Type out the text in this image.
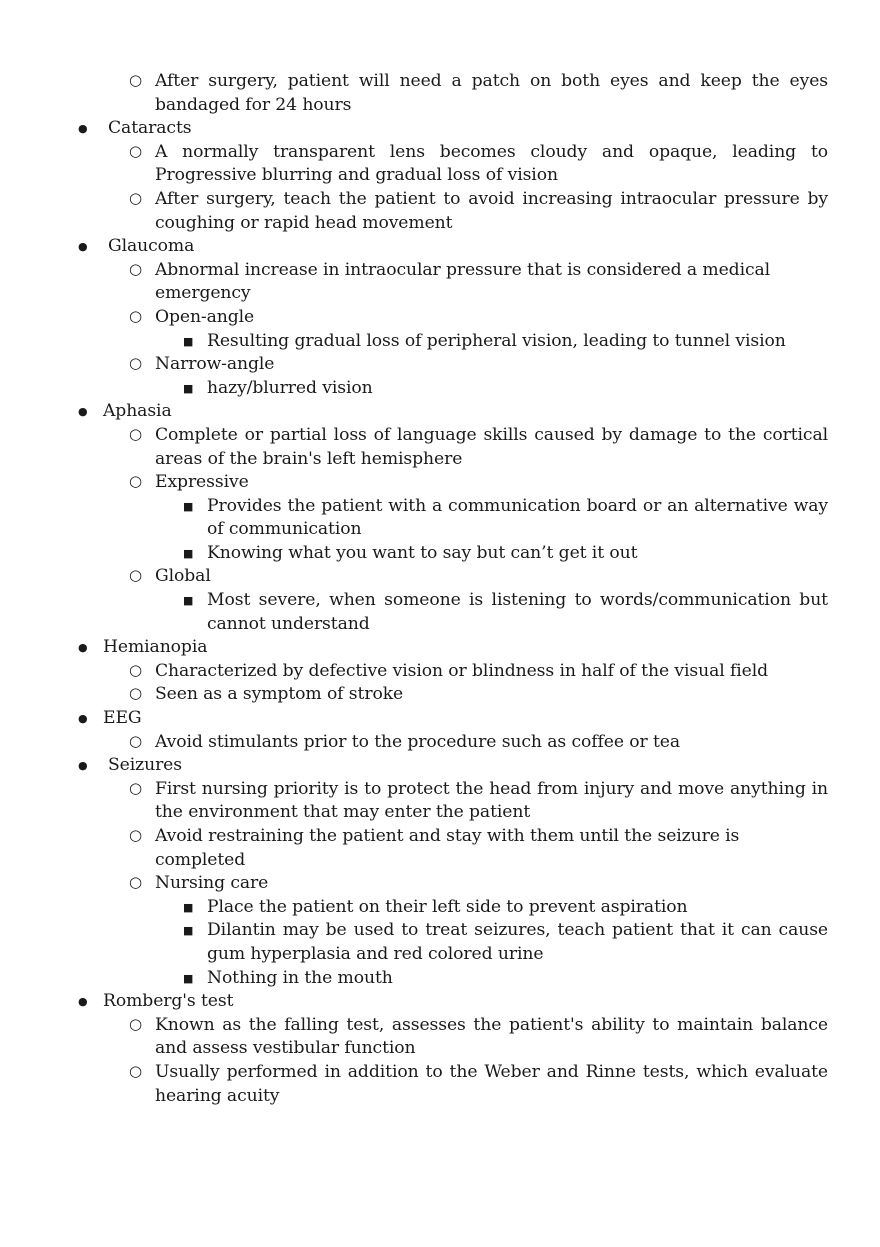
○ After surgery, patient will need a patch on both eyes and keep the eyes bandaged for 24 hours
● Cataracts
○ A normally transparent lens becomes cloudy and opaque, leading to Progressive blurring and gradual loss of vision
○ After surgery, teach the patient to avoid increasing intraocular pressure by coughing or rapid head movement
● Glaucoma
○ Abnormal increase in intraocular pressure that is considered a medical emergency
○ Open-angle
■ Resulting gradual loss of peripheral vision, leading to tunnel vision
○ Narrow-angle
■ hazy/blurred vision
● Aphasia
○ Complete or partial loss of language skills caused by damage to the cortical areas of the brain's left hemisphere
○ Expressive
■ Provides the patient with a communication board or an alternative way of communication
■ Knowing what you want to say but can’t get it out
○ Global
■ Most severe, when someone is listening to words/communication but cannot understand
● Hemianopia
○ Characterized by defective vision or blindness in half of the visual field
○ Seen as a symptom of stroke
● EEG
○ Avoid stimulants prior to the procedure such as coffee or tea
● Seizures
○ First nursing priority is to protect the head from injury and move anything in the environment that may enter the patient
○ Avoid restraining the patient and stay with them until the seizure is completed
○ Nursing care
■ Place the patient on their left side to prevent aspiration
■ Dilantin may be used to treat seizures, teach patient that it can cause gum hyperplasia and red colored urine
■ Nothing in the mouth
● Romberg's test
○ Known as the falling test, assesses the patient's ability to maintain balance and assess vestibular function
○ Usually performed in addition to the Weber and Rinne tests, which evaluate hearing acuity
